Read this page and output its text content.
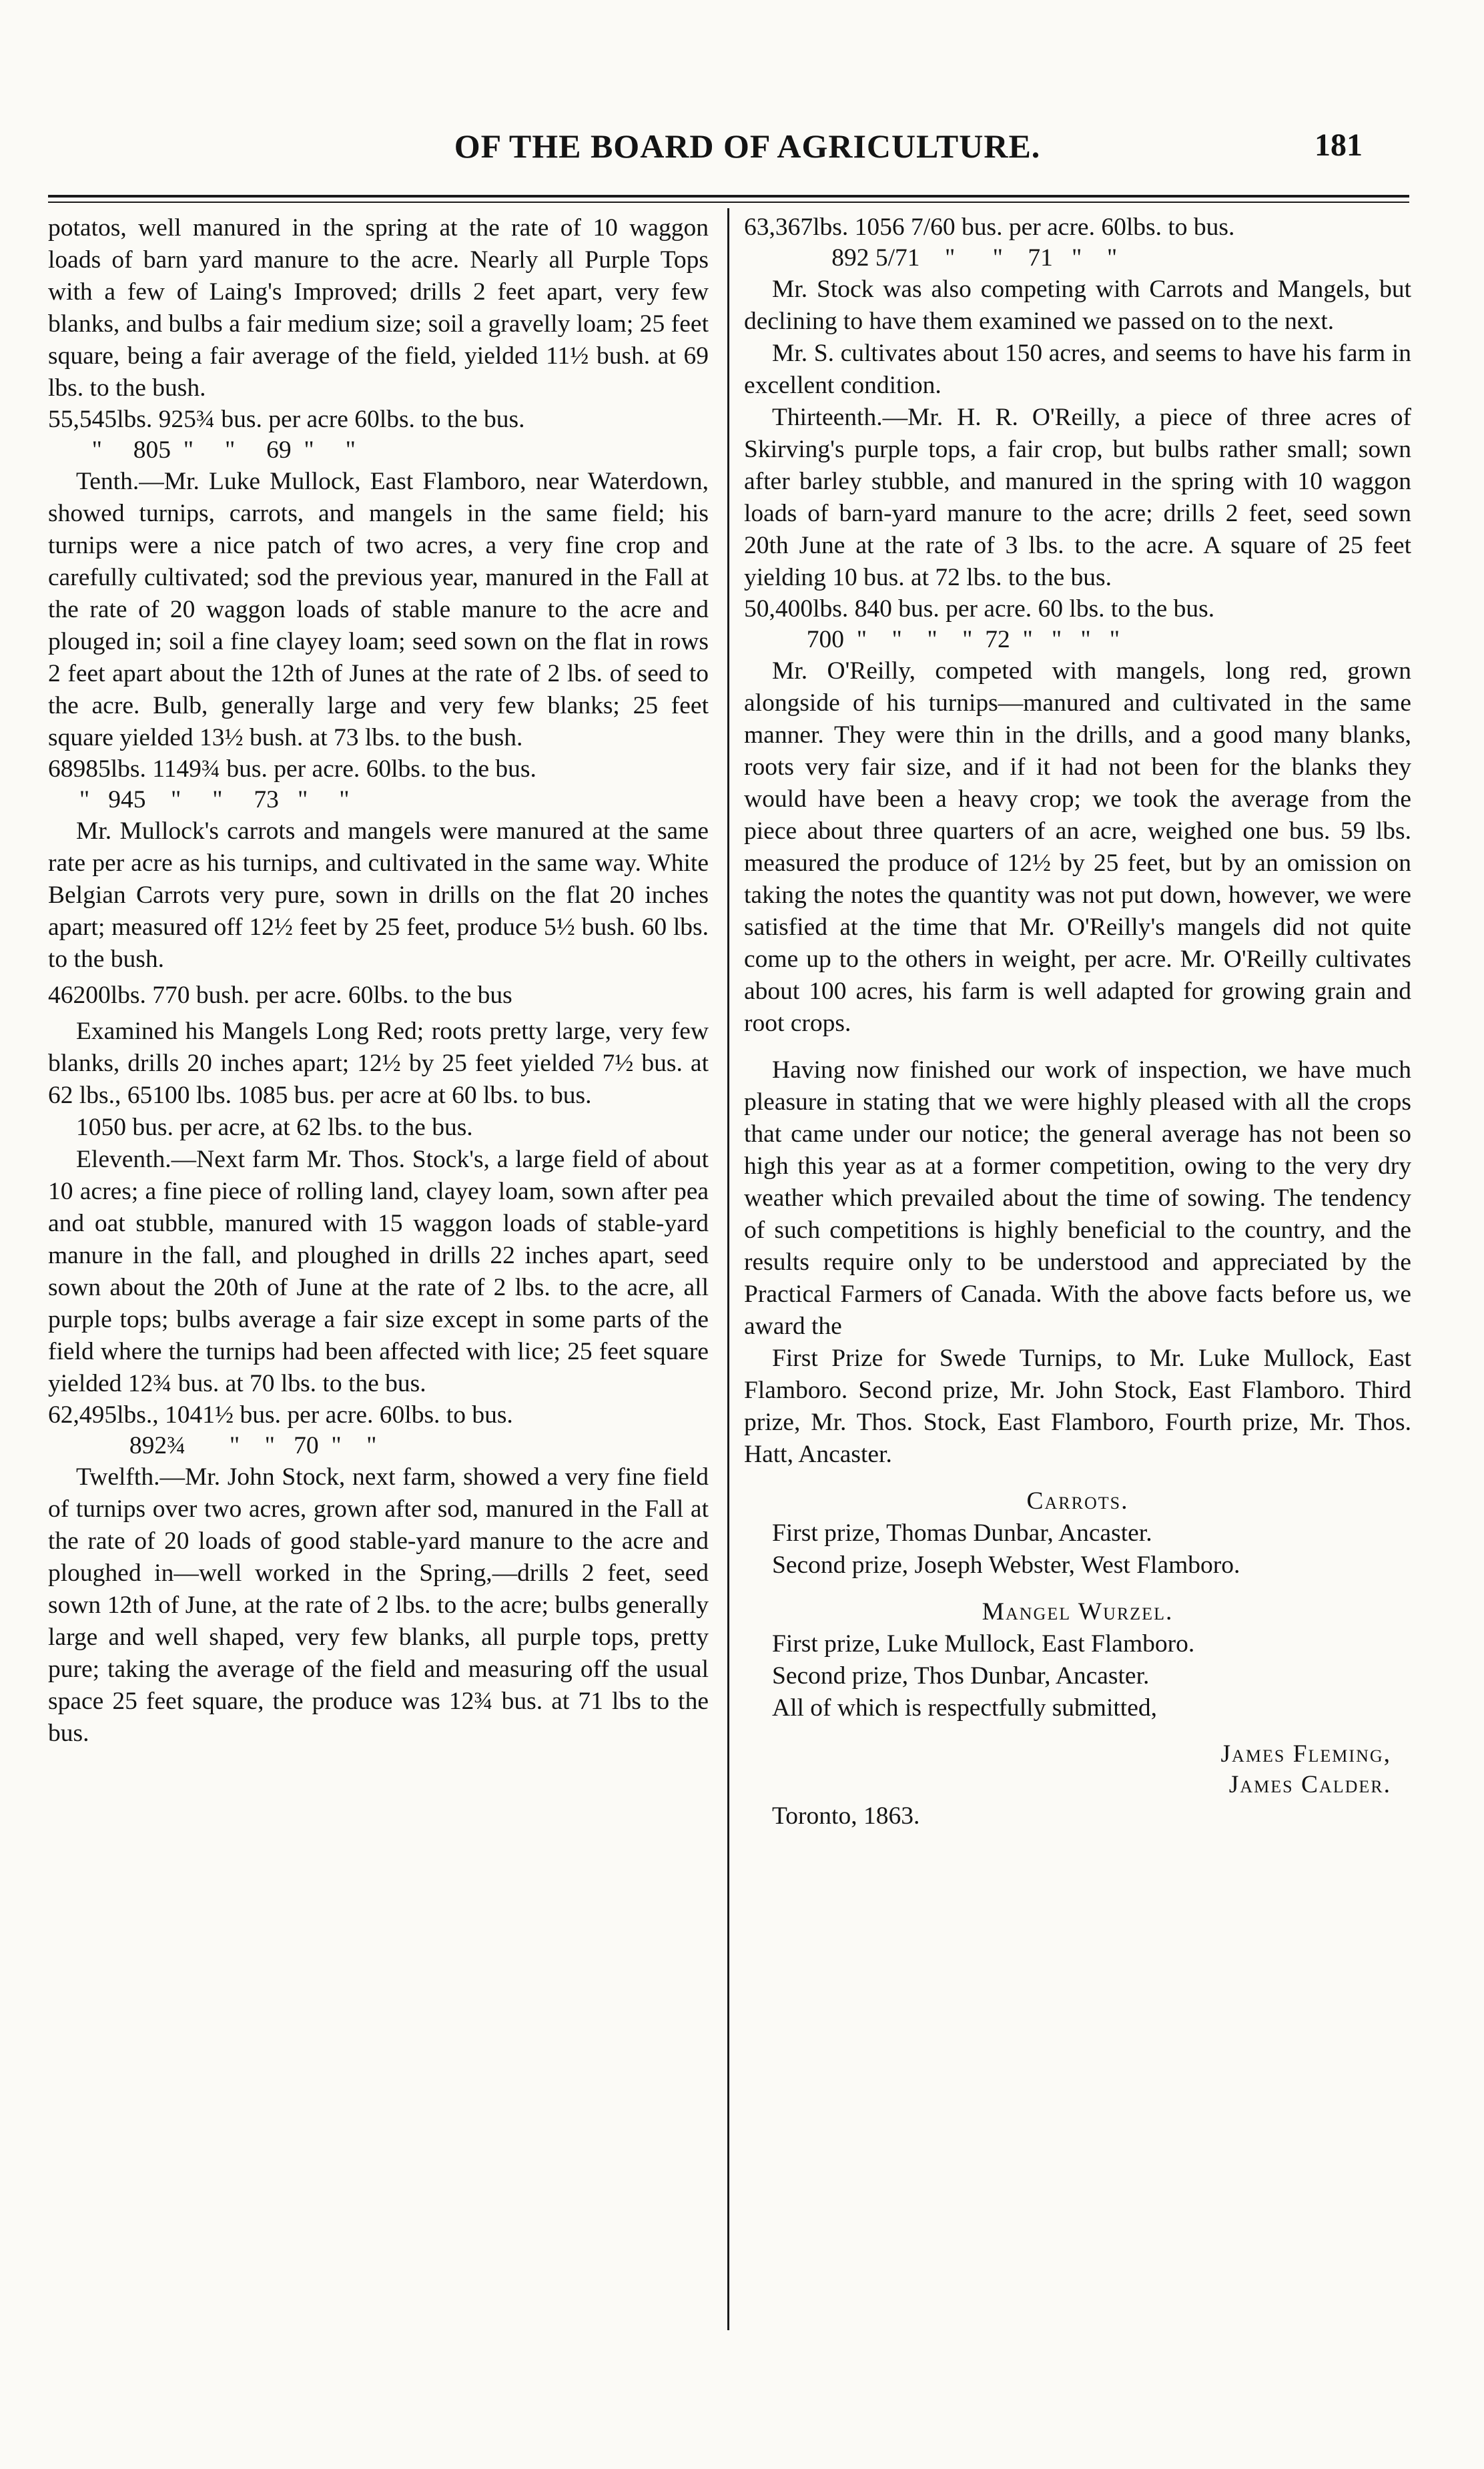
OF THE BOARD OF AGRICULTURE.	181

potatos, well manured in the spring at the rate of 10 waggon loads of barn yard manure to the acre. Nearly all Purple Tops with a few of Laing's Improved; drills 2 feet apart, very few blanks, and bulbs a fair medium size; soil a gravelly loam; 25 feet square, being a fair average of the field, yielded 11½ bush. at 69 lbs. to the bush.

55,545lbs. 925¾ bus. per acre 60lbs. to the bus.
"     805  "     "     69  "     "

Tenth.—Mr. Luke Mullock, East Flamboro, near Waterdown, showed turnips, carrots, and mangels in the same field; his turnips were a nice patch of two acres, a very fine crop and carefully cultivated; sod the previous year, manured in the Fall at the rate of 20 waggon loads of stable manure to the acre and plouged in; soil a fine clayey loam; seed sown on the flat in rows 2 feet apart about the 12th of Junes at the rate of 2 lbs. of seed to the acre. Bulb, generally large and very few blanks; 25 feet square yielded 13½ bush. at 73 lbs. to the bush.

68985lbs. 1149¾ bus. per acre. 60lbs. to the bus.
"   945    "     "     73   "     "

Mr. Mullock's carrots and mangels were manured at the same rate per acre as his turnips, and cultivated in the same way. White Belgian Carrots very pure, sown in drills on the flat 20 inches apart; measured off 12½ feet by 25 feet, produce 5½ bush. 60 lbs. to the bush.

46200lbs. 770 bush. per acre. 60lbs. to the bus

Examined his Mangels Long Red; roots pretty large, very few blanks, drills 20 inches apart; 12½ by 25 feet yielded 7½ bus. at 62 lbs., 65100 lbs. 1085 bus. per acre at 60 lbs. to bus.

1050 bus. per acre, at 62 lbs. to the bus.

Eleventh.—Next farm Mr. Thos. Stock's, a large field of about 10 acres; a fine piece of rolling land, clayey loam, sown after pea and oat stubble, manured with 15 waggon loads of stable-yard manure in the fall, and ploughed in drills 22 inches apart, seed sown about the 20th of June at the rate of 2 lbs. to the acre, all purple tops; bulbs average a fair size except in some parts of the field where the turnips had been affected with lice; 25 feet square yielded 12¾ bus. at 70 lbs. to the bus.

62,495lbs., 1041½ bus. per acre. 60lbs. to bus.
892¾       "    "   70  "    "

Twelfth.—Mr. John Stock, next farm, showed a very fine field of turnips over two acres, grown after sod, manured in the Fall at the rate of 20 loads of good stable-yard manure to the acre and ploughed in—well worked in the Spring,—drills 2 feet, seed sown 12th of June, at the rate of 2 lbs. to the acre; bulbs generally large and well shaped, very few blanks, all purple tops, pretty pure; taking the average of the field and measuring off the usual space 25 feet square, the produce was 12¾ bus. at 71 lbs to the bus.

63,367lbs. 1056 7/60 bus. per acre. 60lbs. to bus.
892 5/71    "      "    71   "    "

Mr. Stock was also competing with Carrots and Mangels, but declining to have them examined we passed on to the next.

Mr. S. cultivates about 150 acres, and seems to have his farm in excellent condition.

Thirteenth.—Mr. H. R. O'Reilly, a piece of three acres of Skirving's purple tops, a fair crop, but bulbs rather small; sown after barley stubble, and manured in the spring with 10 waggon loads of barn-yard manure to the acre; drills 2 feet, seed sown 20th June at the rate of 3 lbs. to the acre. A square of 25 feet yielding 10 bus. at 72 lbs. to the bus.

50,400lbs. 840 bus. per acre. 60 lbs. to the bus.
700  "    "    "    "  72  "   "   "   "

Mr. O'Reilly, competed with mangels, long red, grown alongside of his turnips—manured and cultivated in the same manner. They were thin in the drills, and a good many blanks, roots very fair size, and if it had not been for the blanks they would have been a heavy crop; we took the average from the piece about three quarters of an acre, weighed one bus. 59 lbs. measured the produce of 12½ by 25 feet, but by an omission on taking the notes the quantity was not put down, however, we were satisfied at the time that Mr. O'Reilly's mangels did not quite come up to the others in weight, per acre. Mr. O'Reilly cultivates about 100 acres, his farm is well adapted for growing grain and root crops.

Having now finished our work of inspection, we have much pleasure in stating that we were highly pleased with all the crops that came under our notice; the general average has not been so high this year as at a former competition, owing to the very dry weather which prevailed about the time of sowing. The tendency of such competitions is highly beneficial to the country, and the results require only to be understood and appreciated by the Practical Farmers of Canada. With the above facts before us, we award the

First Prize for Swede Turnips, to Mr. Luke Mullock, East Flamboro. Second prize, Mr. John Stock, East Flamboro. Third prize, Mr. Thos. Stock, East Flamboro, Fourth prize, Mr. Thos. Hatt, Ancaster.

Carrots.

First prize, Thomas Dunbar, Ancaster.

Second prize, Joseph Webster, West Flamboro.

Mangel Wurzel.

First prize, Luke Mullock, East Flamboro.

Second prize, Thos Dunbar, Ancaster.

All of which is respectfully submitted,

James Fleming,

James Calder.

Toronto, 1863.
